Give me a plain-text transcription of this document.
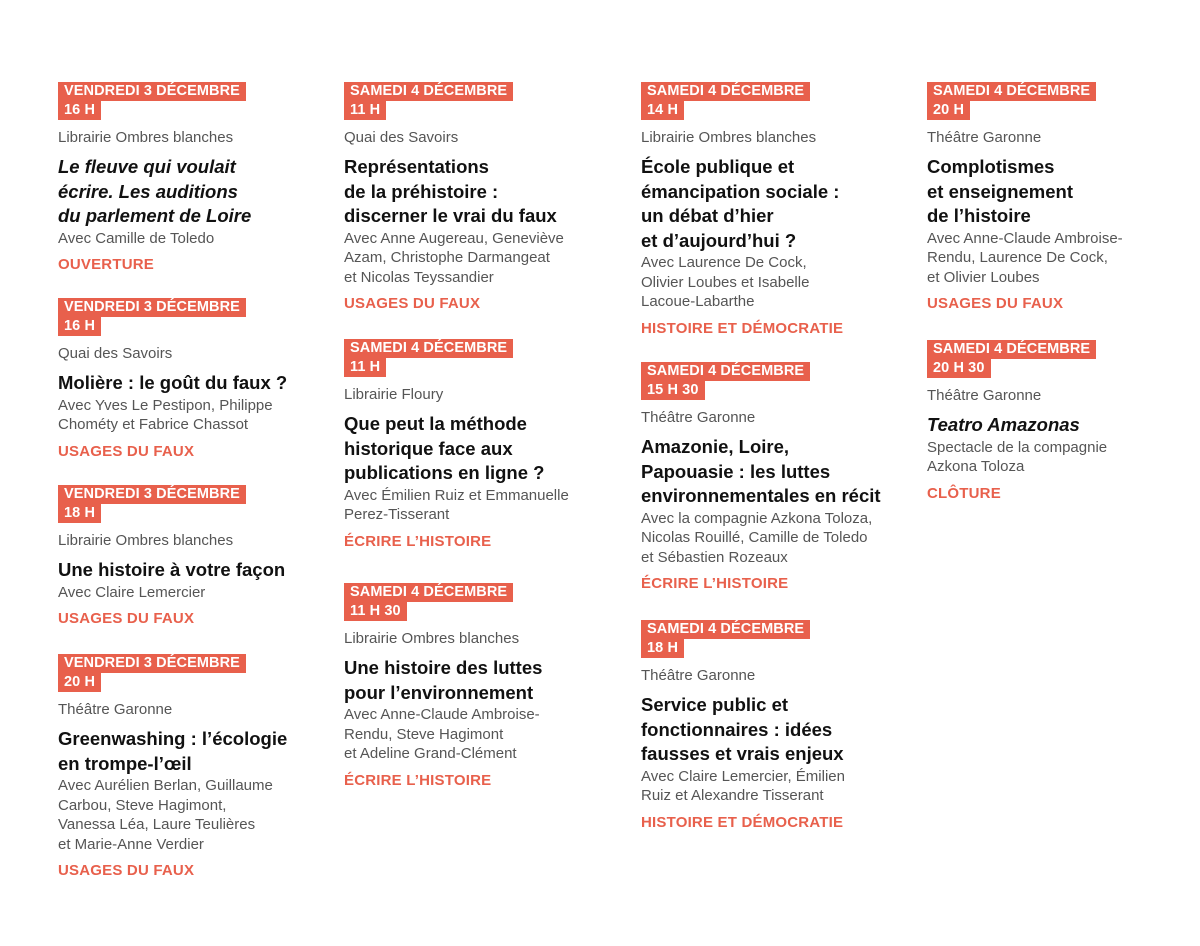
VENDREDI 3 DÉCEMBRE
16 H
Librairie Ombres blanches
Le fleuve qui voulait
écrire. Les auditions
du parlement de Loire
Avec Camille de Toledo
OUVERTURE
VENDREDI 3 DÉCEMBRE
16 H
Quai des Savoirs
Molière : le goût du faux ?
Avec Yves Le Pestipon, Philippe
Chométy et Fabrice Chassot
USAGES DU FAUX
VENDREDI 3 DÉCEMBRE
18 H
Librairie Ombres blanches
Une histoire à votre façon
Avec Claire Lemercier
USAGES DU FAUX
VENDREDI 3 DÉCEMBRE
20 H
Théâtre Garonne
Greenwashing : l’écologie
en trompe-l’œil
Avec Aurélien Berlan, Guillaume
Carbou, Steve Hagimont,
Vanessa Léa, Laure Teulières
et Marie-Anne Verdier
USAGES DU FAUX
SAMEDI 4 DÉCEMBRE
11 H
Quai des Savoirs
Représentations
de la préhistoire :
discerner le vrai du faux
Avec Anne Augereau, Geneviève
Azam, Christophe Darmangeat
et Nicolas Teyssandier
USAGES DU FAUX
SAMEDI 4 DÉCEMBRE
11 H
Librairie Floury
Que peut la méthode
historique face aux
publications en ligne ?
Avec Émilien Ruiz et Emmanuelle
Perez-Tisserant
ÉCRIRE L’HISTOIRE
SAMEDI 4 DÉCEMBRE
11 H 30
Librairie Ombres blanches
Une histoire des luttes
pour l’environnement
Avec Anne-Claude Ambroise-
Rendu, Steve Hagimont
et Adeline Grand-Clément
ÉCRIRE L’HISTOIRE
SAMEDI 4 DÉCEMBRE
14 H
Librairie Ombres blanches
École publique et
émancipation sociale :
un débat d’hier
et d’aujourd’hui ?
Avec Laurence De Cock,
Olivier Loubes et Isabelle
Lacoue-Labarthe
HISTOIRE ET DÉMOCRATIE
SAMEDI 4 DÉCEMBRE
15 H 30
Théâtre Garonne
Amazonie, Loire,
Papouasie : les luttes
environnementales en récit
Avec la compagnie Azkona Toloza,
Nicolas Rouillé, Camille de Toledo
et Sébastien Rozeaux
ÉCRIRE L’HISTOIRE
SAMEDI 4 DÉCEMBRE
18 H
Théâtre Garonne
Service public et
fonctionnaires : idées
fausses et vrais enjeux
Avec Claire Lemercier, Émilien
Ruiz et Alexandre Tisserant
HISTOIRE ET DÉMOCRATIE
SAMEDI 4 DÉCEMBRE
20 H
Théâtre Garonne
Complotismes
et enseignement
de l’histoire
Avec Anne-Claude Ambroise-
Rendu, Laurence De Cock,
et Olivier Loubes
USAGES DU FAUX
SAMEDI 4 DÉCEMBRE
20 H 30
Théâtre Garonne
Teatro Amazonas
Spectacle de la compagnie
Azkona Toloza
CLÔTURE
